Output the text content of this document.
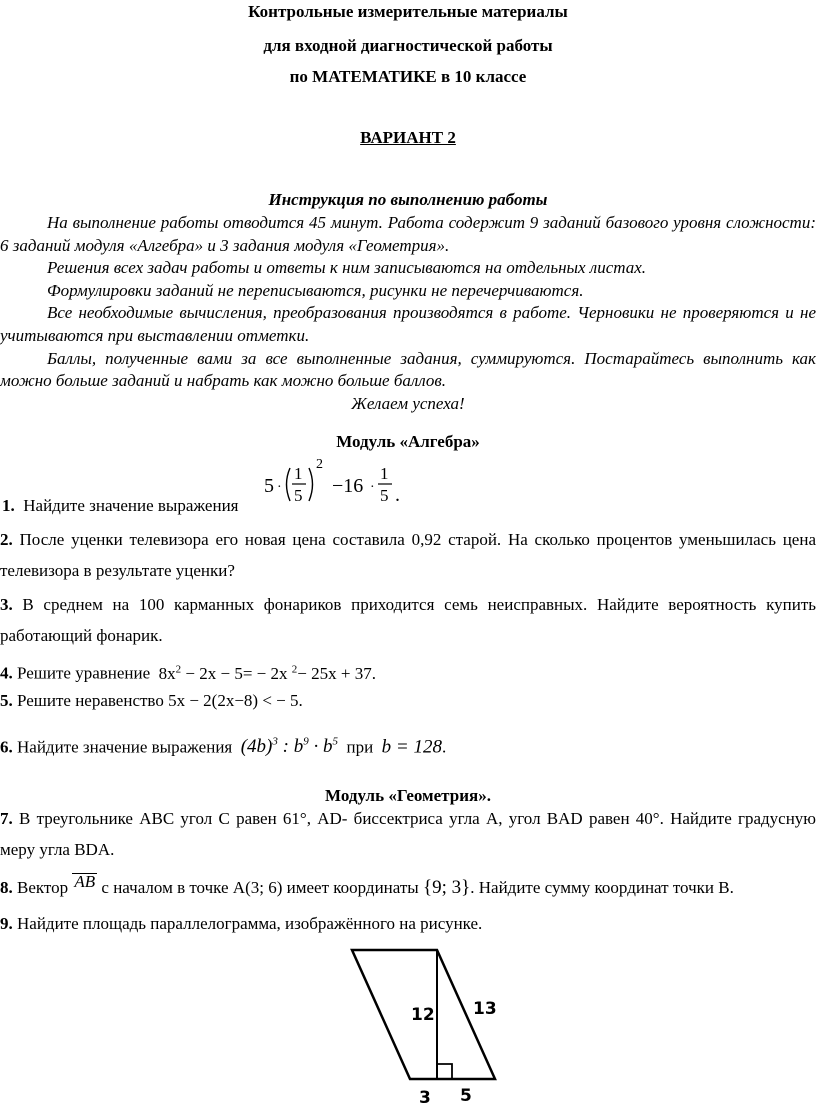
Контрольные измерительные материалы
для входной диагностической работы
по МАТЕМАТИКЕ в 10 классе
ВАРИАНТ 2
Инструкция по выполнению работы

На выполнение работы отводится 45 минут. Работа содержит 9 заданий базового уровня сложности: 6 заданий модуля «Алгебра» и 3 задания модуля «Геометрия».

Решения всех задач работы и ответы к ним записываются на отдельных листах.

Формулировки заданий не переписываются, рисунки не перечерчиваются.

Все необходимые вычисления, преобразования производятся в работе. Черновики не проверяются и не учитываются при выставлении отметки.

Баллы, полученные вами за все выполненные задания, суммируются. Постарайтесь выполнить как можно больше заданий и набрать как можно больше баллов.

Желаем успеха!

Модуль «Алгебра»
1. Найдите значение выражения
5 ·
1
5
2
−16 ·
1
5 .

2. После уценки телевизора его новая цена составила 0,92 старой. На сколько процентов уменьшилась цена телевизора в результате уценки?

3. В среднем на 100 карманных фонариков приходится семь неисправных. Найдите вероятность купить работающий фонарик.

4. Решите уравнение $8x^2 - 2x - 5= - 2x$ $^2$− 25x + 37.

5. Решите неравенство 5x − 2(2x−8) < − 5.

6. Найдите значение выражения $(4b)^3$ : $b^9 \cdot b^5$ при b = 128.

Модуль «Геометрия».

7. В треугольнике ABC угол C равен 61°, AD- биссектриса угла A, угол BAD равен 40°. Найдите градусную меру угла BDA.

8. Вектор AB с началом в точке A(3; 6) имеет координаты {9; 3}. Найдите сумму координат точки B.

9. Найдите площадь параллелограмма, изображённого на рисунке.

12 13
3 5
